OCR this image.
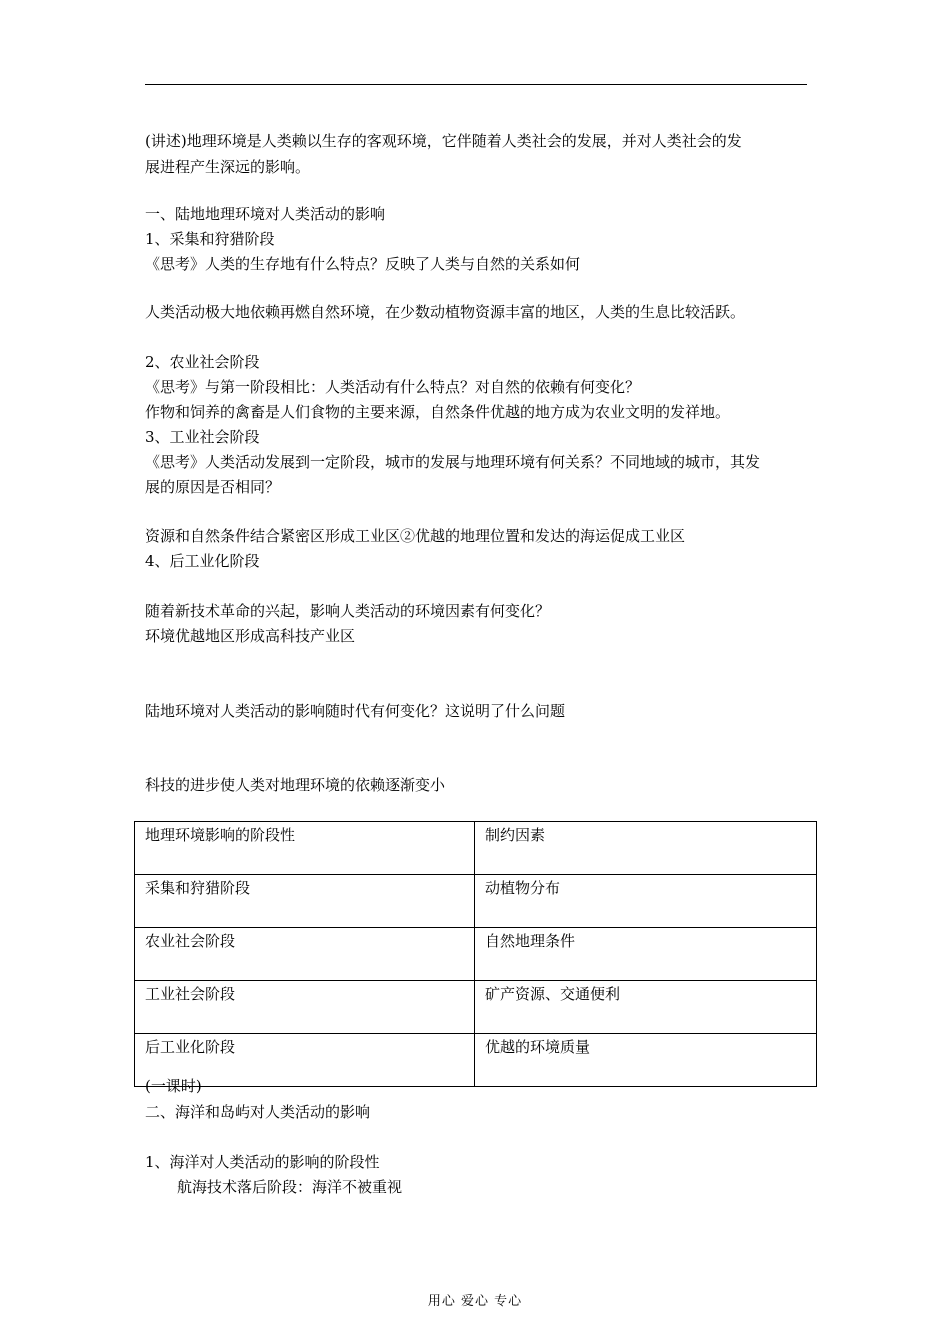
(讲述)地理环境是人类赖以生存的客观环境，它伴随着人类社会的发展，并对人类社会的发
展进程产生深远的影响。
一、陆地地理环境对人类活动的影响
1、采集和狩猎阶段
《思考》人类的生存地有什么特点？反映了人类与自然的关系如何
人类活动极大地依赖再燃自然环境，在少数动植物资源丰富的地区，人类的生息比较活跃。
2、农业社会阶段
《思考》与第一阶段相比：人类活动有什么特点？对自然的依赖有何变化？
作物和饲养的禽畜是人们食物的主要来源，自然条件优越的地方成为农业文明的发祥地。
3、工业社会阶段
《思考》人类活动发展到一定阶段，城市的发展与地理环境有何关系？不同地域的城市，其发
展的原因是否相同？
资源和自然条件结合紧密区形成工业区②优越的地理位置和发达的海运促成工业区
4、后工业化阶段
随着新技术革命的兴起，影响人类活动的环境因素有何变化？
环境优越地区形成高科技产业区
陆地环境对人类活动的影响随时代有何变化？这说明了什么问题
科技的进步使人类对地理环境的依赖逐渐变小
地理环境影响的阶段性	制约因素
采集和狩猎阶段	动植物分布
农业社会阶段	自然地理条件
工业社会阶段	矿产资源、交通便利
后工业化阶段	优越的环境质量
(一课时)
二、海洋和岛屿对人类活动的影响
1、海洋对人类活动的影响的阶段性
航海技术落后阶段：海洋不被重视
用心 爱心 专心
